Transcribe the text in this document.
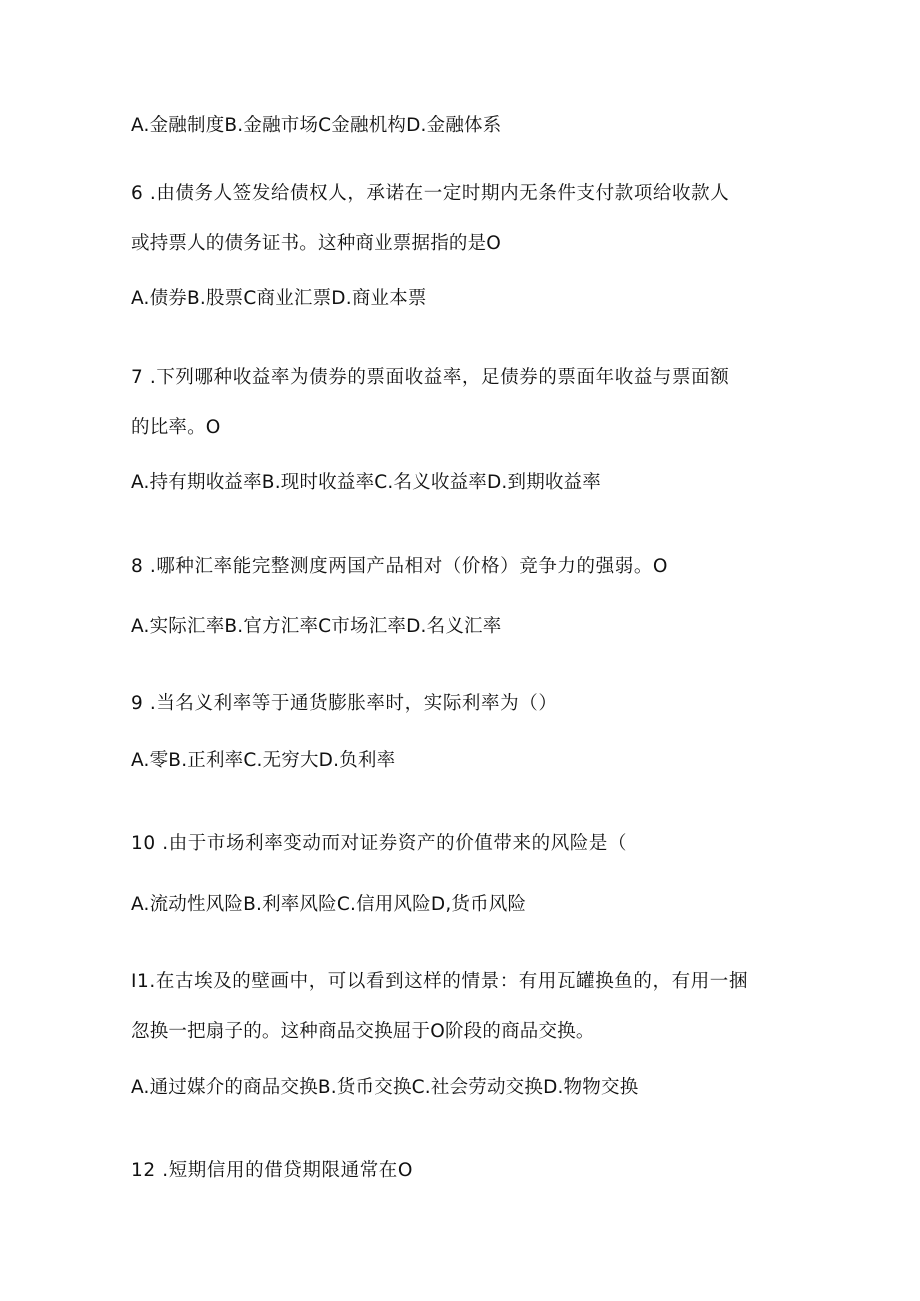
A.金融制度B.金融市场C金融机构D.金融体系
6 .由债务人签发给债权人，承诺在一定时期内无条件支付款项给收款人
或持票人的债务证书。这种商业票据指的是O
A.债券B.股票C商业汇票D.商业本票
7 .下列哪种收益率为债券的票面收益率，足债券的票面年收益与票面额
的比率。O
A.持有期收益率B.现时收益率C.名义收益率D.到期收益率
8 .哪种汇率能完整测度两国产品相对（价格）竞争力的强弱。O
A.实际汇率B.官方汇率C市场汇率D.名义汇率
9 .当名义利率等于通货膨胀率时，实际利率为（）
A.零B.正利率C.无穷大D.负利率
10 .由于市场利率变动而对证券资产的价值带来的风险是（
A.流动性风险B.利率风险C.信用风险D,货币风险
I1.在古埃及的壁画中，可以看到这样的情景：有用瓦罐换鱼的，有用一捆
忽换一把扇子的。这种商品交换屈于O阶段的商品交换。
A.通过媒介的商品交换B.货币交换C.社会劳动交换D.物物交换
12 .短期信用的借贷期限通常在O
